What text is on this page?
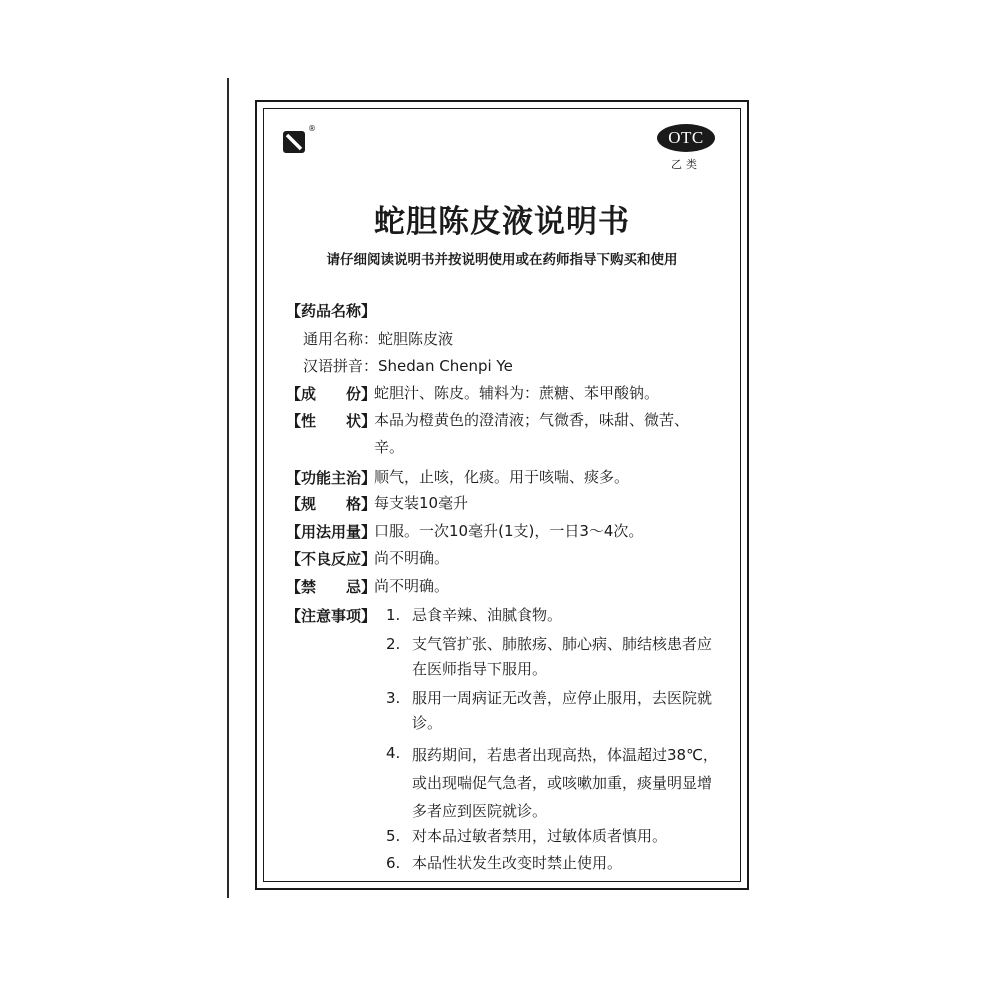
®	OTC
乙类
蛇胆陈皮液说明书
请仔细阅读说明书并按说明使用或在药师指导下购买和使用
【药品名称】
通用名称：蛇胆陈皮液
汉语拼音：Shedan Chenpi Ye
【成　　份】
蛇胆汁、陈皮。辅料为：蔗糖、苯甲酸钠。
【性　　状】
本品为橙黄色的澄清液；气微香，味甜、微苦、辛。
【功能主治】
顺气，止咳，化痰。用于咳喘、痰多。
【规　　格】
每支装10毫升
【用法用量】
口服。一次10毫升(1支)，一日3～4次。
【不良反应】
尚不明确。
【禁　　忌】
尚不明确。
【注意事项】 1. 忌食辛辣、油腻食物。
2. 支气管扩张、肺脓疡、肺心病、肺结核患者应在医师指导下服用。
3. 服用一周病证无改善，应停止服用，去医院就诊。
4. 服药期间，若患者出现高热，体温超过38℃，或出现喘促气急者，或咳嗽加重，痰量明显增多者应到医院就诊。
5. 对本品过敏者禁用，过敏体质者慎用。
6. 本品性状发生改变时禁止使用。
